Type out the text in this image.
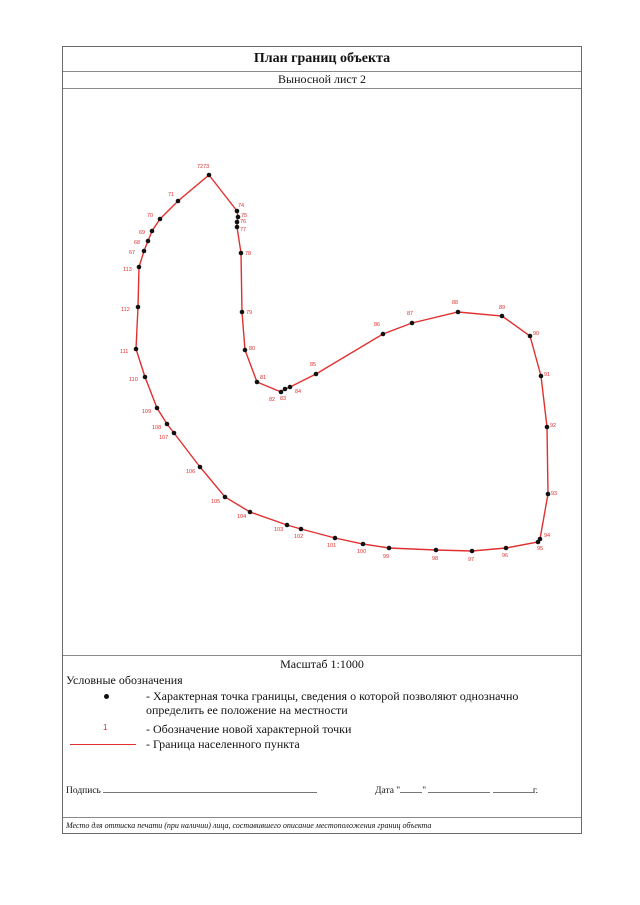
План границ объекта
Выносной лист 2
7273
74
75
76
77
78
79
80
81
82 83
84
85
86
87
88
89
90
91
92
93
94
95
96
97
98
99
100
101
102
103
104
105
106
107
108
109
110
111
112
113
67
68
69
70
71
Масштаб 1:1000
Условные обозначения
- Характерная точка границы, сведения о которой позволяют однозначно определить ее положение на местности
1	- Обозначение новой характерной точки
- Граница населенного пункта
Подпись	Дата " "	г.
Место для оттиска печати (при наличии) лица, составившего описание местоположения границ объекта
